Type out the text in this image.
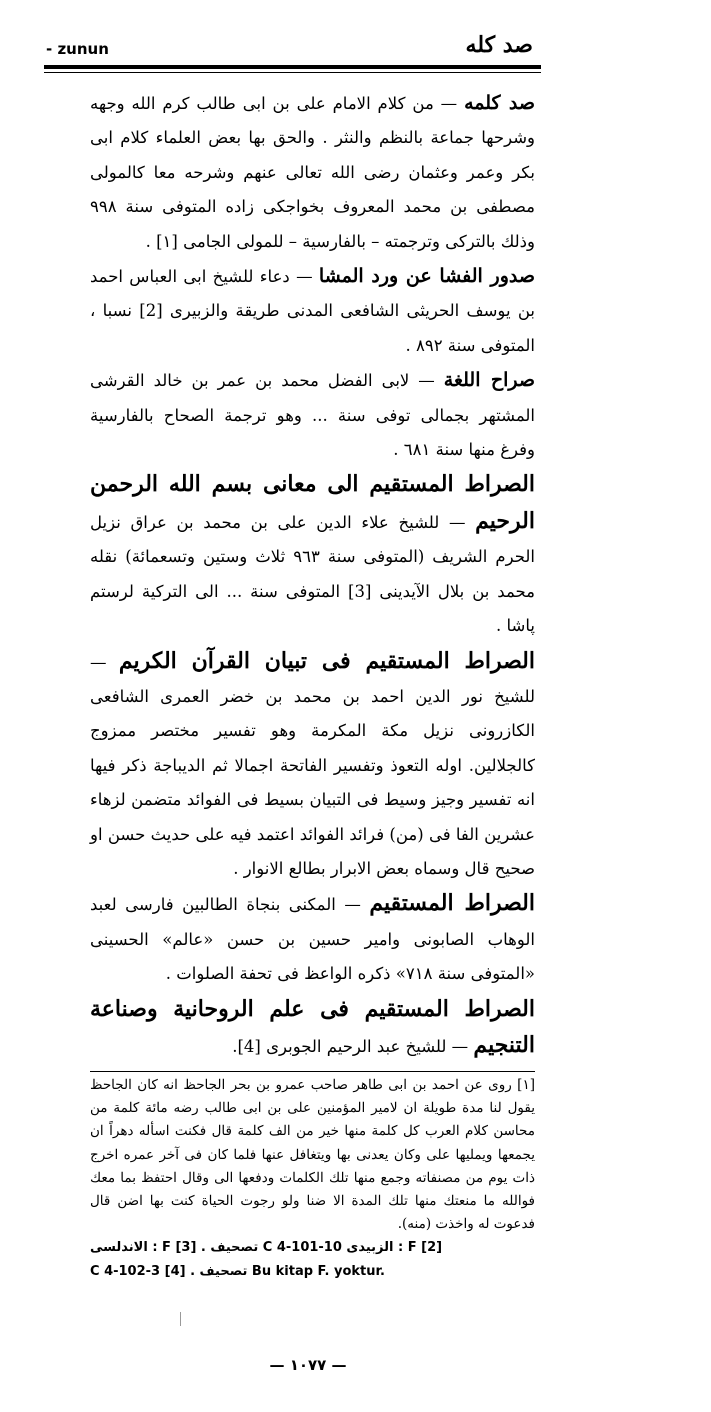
- zunun	صد كله

صد كلمه — من كلام الامام على بن ابى طالب كرم الله وجهه وشرحها جماعة بالنظم والنثر . والحق بها بعض العلماء كلام ابى بكر وعمر وعثمان رضى الله تعالى عنهم وشرحه معا كالمولى مصطفى بن محمد المعروف بخواجكى زاده المتوفى سنة ٩٩٨ وذلك بالتركى وترجمته – بالفارسية – للمولى الجامى [١] .

صدور الفشا عن ورد المشا — دعاء للشيخ ابى العباس احمد بن يوسف الحريثى الشافعى المدنى طريقة والزبيرى [2] نسبا ، المتوفى سنة ٨٩٢ .

صراح اللغة — لابى الفضل محمد بن عمر بن خالد القرشى المشتهر بجمالى توفى سنة ... وهو ترجمة الصحاح بالفارسية وفرغ منها سنة ٦٨١ .

الصراط المستقيم الى معانى بسم الله الرحمن الرحيم — للشيخ علاء الدين على بن محمد بن عراق نزيل الحرم الشريف (المتوفى سنة ٩٦٣ ثلاث وستين وتسعمائة) نقله محمد بن بلال الآيدينى [3] المتوفى سنة ... الى التركية لرستم پاشا .

الصراط المستقيم فى تبيان القرآن الكريم — للشيخ نور الدين احمد بن محمد بن خضر العمرى الشافعى الكازرونى نزيل مكة المكرمة وهو تفسير مختصر ممزوج كالجلالين. اوله التعوذ وتفسير الفاتحة اجمالا ثم الديباجة ذكر فيها انه تفسير وجيز وسيط فى التبيان بسيط فى الفوائد متضمن لزهاء عشرين الفا فى (من) فرائد الفوائد اعتمد فيه على حديث حسن او صحيح قال وسماه بعض الابرار بطالع الانوار .

الصراط المستقيم — المكنى بنجاة الطالبين فارسى لعبد الوهاب الصابونى وامير حسين بن حسن «عالم» الحسينى «المتوفى سنة ٧١٨» ذكره الواعظ فى تحفة الصلوات .

الصراط المستقيم فى علم الروحانية وصناعة التنجيم — للشيخ عبد الرحيم الجوبرى [4].

[١] روى عن احمد بن ابى طاهر صاحب عمرو بن بحر الجاحظ انه كان الجاحظ يقول لنا مدة طويلة ان لامير المؤمنين على بن ابى طالب رضه مائة كلمة من محاسن كلام العرب كل كلمة منها خير من الف كلمة قال فكنت اسأله دهراً ان يجمعها ويمليها على وكان يعدنى بها ويتغافل عنها فلما كان فى آخر عمره اخرج ذات يوم من مصنفاته وجمع منها تلك الكلمات ودفعها الى وقال احتفظ بما معك فوالله ما منعتك منها تلك المدة الا ضنا ولو رجوت الحياة كنت بها اضن قال فدعوت له واخذت (منه).
الاندلسى : F [3] . تصحيف C 4-101-10 الزبيدى : F [2]
C 4-102-3 تصحيف . [4] Bu kitap F. yoktur.
— ١٠٧٧ —
